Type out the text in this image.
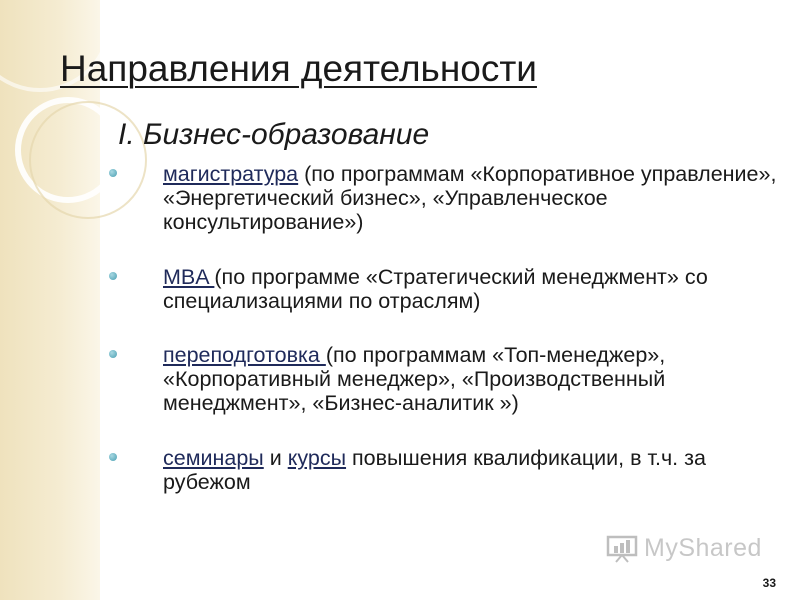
Направления деятельности
I. Бизнес-образование
магистратура (по программам «Корпоративное управление», «Энергетический бизнес», «Управленческое консультирование»)
MBA (по программе «Стратегический менеджмент» со специализациями по отраслям)
переподготовка (по программам «Топ-менеджер», «Корпоративный менеджер», «Производственный менеджмент», «Бизнес-аналитик »)
семинары и курсы повышения квалификации, в т.ч. за рубежом
MyShared
33
